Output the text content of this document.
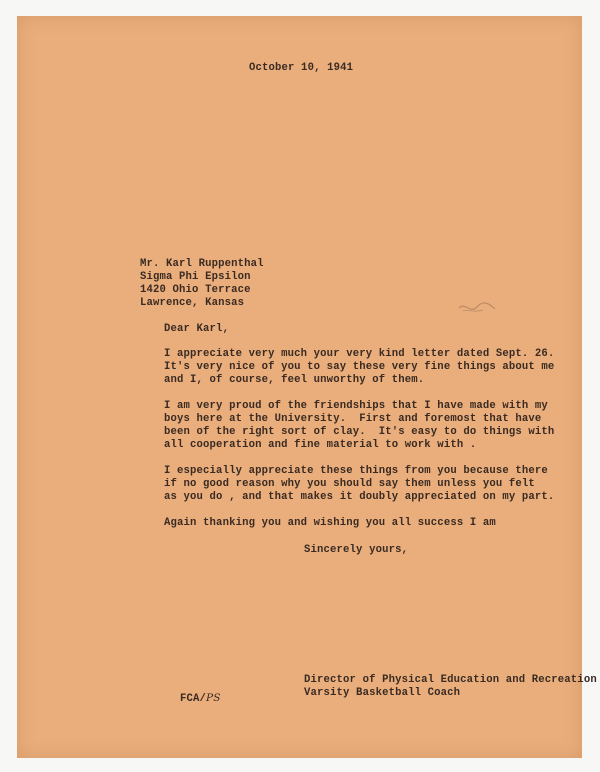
October 10, 1941

Mr. Karl Ruppenthal

Sigma Phi Epsilon

1420 Ohio Terrace

Lawrence, Kansas

Dear Karl,

I appreciate very much your very kind letter dated Sept. 26.

It's very nice of you to say these very fine things about me

and I, of course, feel unworthy of them.

I am very proud of the friendships that I have made with my

boys here at the University.  First and foremost that have

been of the right sort of clay.  It's easy to do things with

all cooperation and fine material to work with .

I especially appreciate these things from you because there

if no good reason why you should say them unless you felt

as you do , and that makes it doubly appreciated on my part.

Again thanking you and wishing you all success I am

Sincerely yours,

FCA/PS

Director of Physical Education and Recreation

Varsity Basketball Coach
